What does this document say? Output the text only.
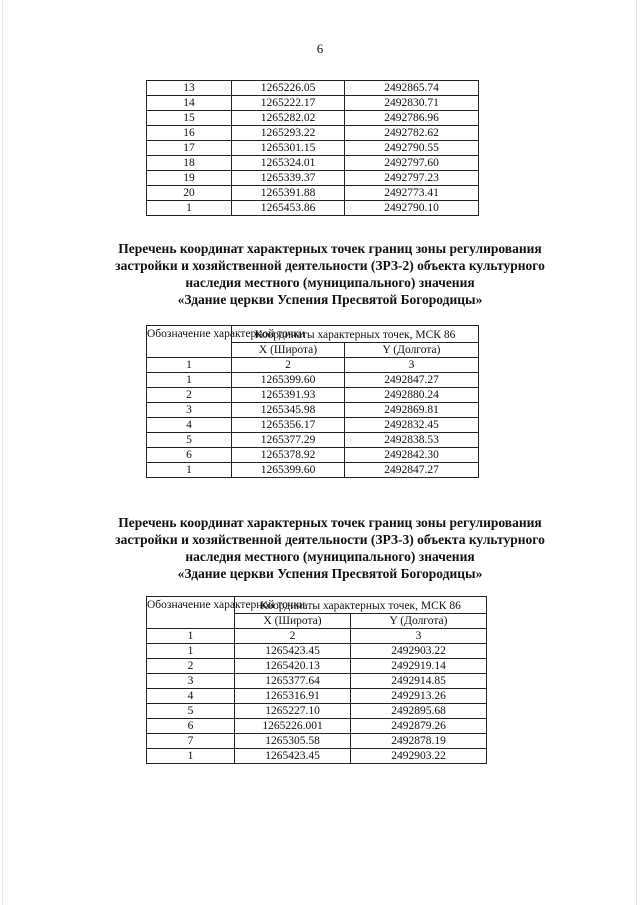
6
13	1265226.05	2492865.74
14	1265222.17	2492830.71
15	1265282.02	2492786.96
16	1265293.22	2492782.62
17	1265301.15	2492790.55
18	1265324.01	2492797.60
19	1265339.37	2492797.23
20	1265391.88	2492773.41
1	1265453.86	2492790.10
Перечень координат характерных точек границ зоны регулирования
застройки и хозяйственной деятельности (ЗРЗ-2) объекта культурного
наследия местного (муниципального) значения
«Здание церкви Успения Пресвятой Богородицы»
Обозначение характерной точки	Координаты характерных точек, МСК 86	
	X (Широта)	Y (Долгота)
1	2	3
1	1265399.60	2492847.27
2	1265391.93	2492880.24
3	1265345.98	2492869.81
4	1265356.17	2492832.45
5	1265377.29	2492838.53
6	1265378.92	2492842.30
1	1265399.60	2492847.27
Перечень координат характерных точек границ зоны регулирования
застройки и хозяйственной деятельности (ЗРЗ-3) объекта культурного
наследия местного (муниципального) значения
«Здание церкви Успения Пресвятой Богородицы»
Обозначение характерной точки	Координаты характерных точек, МСК 86	
	X (Широта)	Y (Долгота)
1	2	3
1	1265423.45	2492903.22
2	1265420.13	2492919.14
3	1265377.64	2492914.85
4	1265316.91	2492913.26
5	1265227.10	2492895.68
6	1265226.001	2492879.26
7	1265305.58	2492878.19
1	1265423.45	2492903.22
